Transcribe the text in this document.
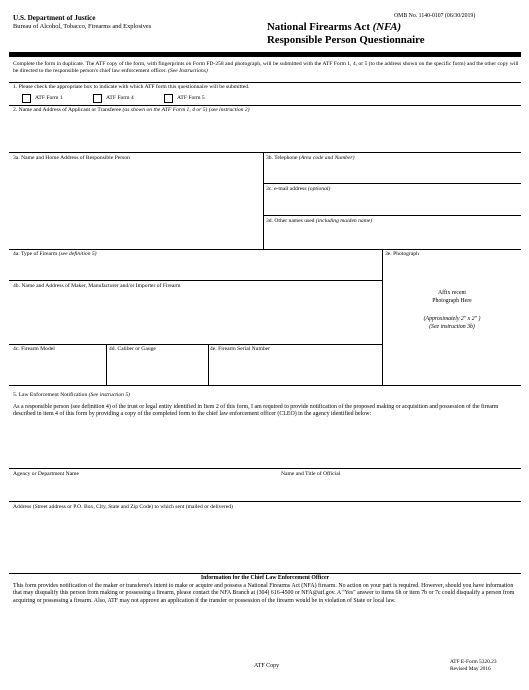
U.S. Department of Justice
Bureau of Alcohol, Tobacco, Firearms and Explosives
OMB No. 1140-0107 (06/30/2019)
National Firearms Act (NFA)
Responsible Person Questionnaire
Complete the form in duplicate. The ATF copy of the form, with fingerprints on Form FD-258 and photograph, will be submitted with the ATF Form 1, 4, or 5 (to the address shown on the specific form) and the other copy will be directed to the responsible person's chief law enforcement officer. (See Instructions)
1. Please check the appropriate box to indicate with which ATF form this questionnaire will be submitted.
ATF Form 1	ATF Form 4	ATF Form 5
2. Name and Address of Applicant or Transferee (as shown on the ATF Form 1, 4 or 5) (see instruction 2)
3a. Name and Home Address of Responsible Person	3b. Telephone (Area code and Number)
3c. e-mail address (optional)
3d. Other names used (including maiden name)
4a. Type of Firearm (see definition 5)
4b. Name and Address of Maker, Manufacturer and/or Importer of Firearm
4c. Firearm Model	4d. Caliber or Gauge	4e. Firearm Serial Number
3e. Photograph
Affix recent
Photograph Here
(Approximately 2" x 2" )
(See instruction 3b)
5. Law Enforcement Notification (See instruction 5)
As a responsible person (see definition 4) of the trust or legal entity identified in Item 2 of this form, I am required to provide notification of the proposed making or acquisition and possession of the firearm described in item 4 of this form by providing a copy of the completed form to the chief law enforcement officer (CLEO) in the agency identified below:
Agency or Department Name	Name and Title of Official
Address (Street address or P.O. Box, City, State and Zip Code) to which sent (mailed or delivered)
Information for the Chief Law Enforcement Officer
This form provides notification of the maker or transferee's intent to make or acquire and possess a National Firearms Act (NFA) firearm. No action on your part is required. However, should you have information that may disqualify this person from making or possessing a firearm, please contact the NFA Branch at (304) 616-4500 or NFA@atf.gov. A "Yes" answer to items 6h or item 7b or 7c could disqualify a person from acquiring or possessing a firearm. Also, ATF may not approve an application if the transfer or possession of the firearm would be in violation of State or local law.
ATF Copy
ATF E-Form 5320.23
Revised May 2016
